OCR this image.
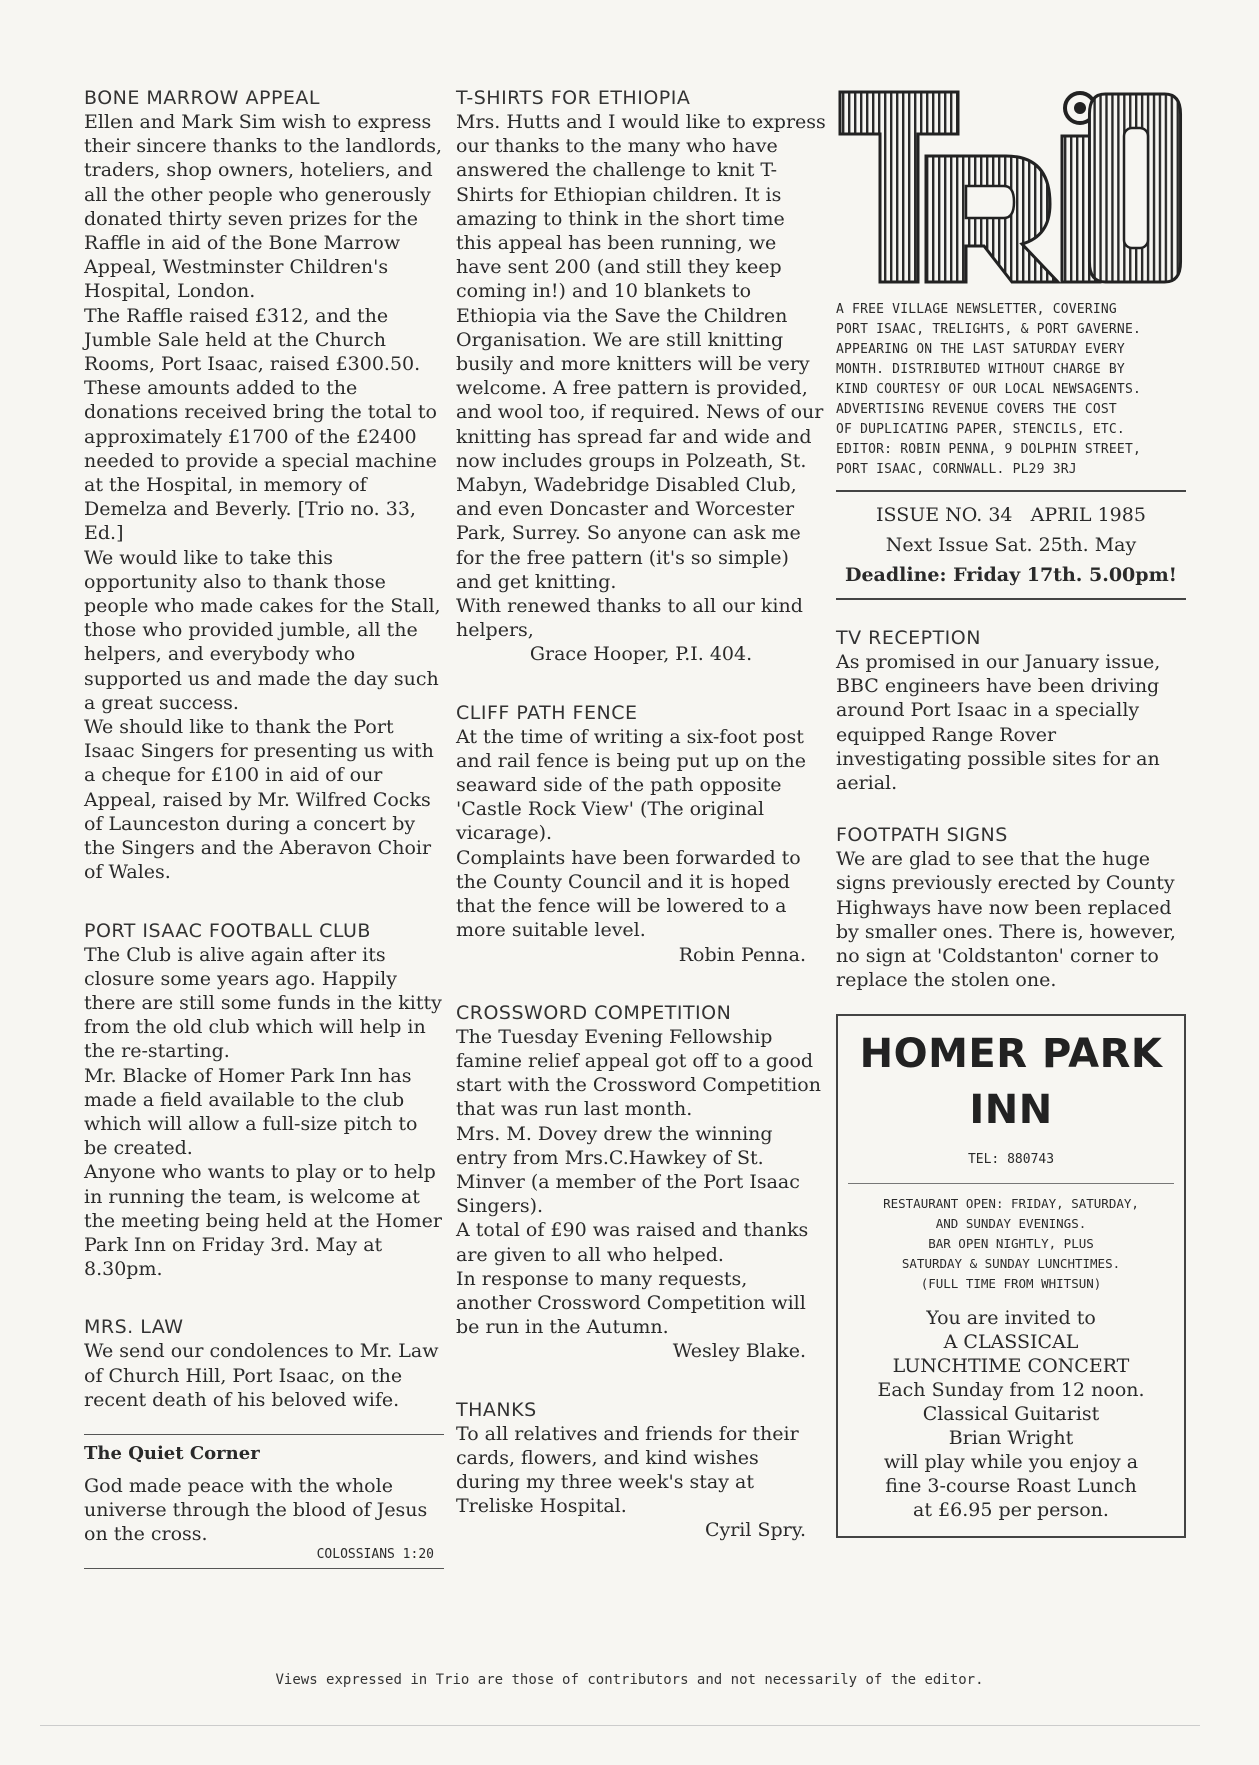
BONE MARROW APPEAL

Ellen and Mark Sim wish to express their sincere thanks to the landlords, traders, shop owners, hoteliers, and all the other people who generously donated thirty seven prizes for the Raffle in aid of the Bone Marrow Appeal, Westminster Children's Hospital, London.

The Raffle raised £312, and the Jumble Sale held at the Church Rooms, Port Isaac, raised £300.50. These amounts added to the donations received bring the total to approximately £1700 of the £2400 needed to provide a special machine at the Hospital, in memory of Demelza and Beverly. [Trio no. 33, Ed.]

We would like to take this opportunity also to thank those people who made cakes for the Stall, those who provided jumble, all the helpers, and everybody who supported us and made the day such a great success.

We should like to thank the Port Isaac Singers for presenting us with a cheque for £100 in aid of our Appeal, raised by Mr. Wilfred Cocks of Launceston during a concert by the Singers and the Aberavon Choir of Wales.

PORT ISAAC FOOTBALL CLUB

The Club is alive again after its closure some years ago. Happily there are still some funds in the kitty from the old club which will help in the re-starting.

Mr. Blacke of Homer Park Inn has made a field available to the club which will allow a full-size pitch to be created.

Anyone who wants to play or to help in running the team, is welcome at the meeting being held at the Homer Park Inn on Friday 3rd. May at 8.30pm.

MRS. LAW

We send our condolences to Mr. Law of Church Hill, Port Isaac, on the recent death of his beloved wife.

The Quiet Corner
God made peace with the whole universe through the blood of Jesus on the cross.
COLOSSIANS 1:20
T-SHIRTS FOR ETHIOPIA

Mrs. Hutts and I would like to express our thanks to the many who have answered the challenge to knit T-Shirts for Ethiopian children. It is amazing to think in the short time this appeal has been running, we have sent 200 (and still they keep coming in!) and 10 blankets to Ethiopia via the Save the Children Organisation. We are still knitting busily and more knitters will be very welcome. A free pattern is provided, and wool too, if required. News of our knitting has spread far and wide and now includes groups in Polzeath, St. Mabyn, Wadebridge Disabled Club, and even Doncaster and Worcester Park, Surrey. So anyone can ask me for the free pattern (it's so simple) and get knitting.

With renewed thanks to all our kind helpers,

Grace Hooper, P.I. 404.

CLIFF PATH FENCE

At the time of writing a six-foot post and rail fence is being put up on the seaward side of the path opposite 'Castle Rock View' (The original vicarage).

Complaints have been forwarded to the County Council and it is hoped that the fence will be lowered to a more suitable level.

Robin Penna.

CROSSWORD COMPETITION

The Tuesday Evening Fellowship famine relief appeal got off to a good start with the Crossword Competition that was run last month.

Mrs. M. Dovey drew the winning entry from Mrs.C.Hawkey of St. Minver (a member of the Port Isaac Singers).

A total of £90 was raised and thanks are given to all who helped.

In response to many requests, another Crossword Competition will be run in the Autumn.

Wesley Blake.

THANKS

To all relatives and friends for their cards, flowers, and kind wishes during my three week's stay at Treliske Hospital.

Cyril Spry.

A FREE VILLAGE NEWSLETTER, COVERING
PORT ISAAC, TRELIGHTS, & PORT GAVERNE.
APPEARING ON THE LAST SATURDAY EVERY
MONTH. DISTRIBUTED WITHOUT CHARGE BY
KIND COURTESY OF OUR LOCAL NEWSAGENTS.
ADVERTISING REVENUE COVERS THE COST
OF DUPLICATING PAPER, STENCILS, ETC.
EDITOR: ROBIN PENNA, 9 DOLPHIN STREET,
PORT ISAAC, CORNWALL. PL29 3RJ
ISSUE NO. 34   APRIL 1985
Next Issue Sat. 25th. May
Deadline: Friday 17th. 5.00pm!
TV RECEPTION

As promised in our January issue, BBC engineers have been driving around Port Isaac in a specially equipped Range Rover investigating possible sites for an aerial.

FOOTPATH SIGNS

We are glad to see that the huge signs previously erected by County Highways have now been replaced by smaller ones. There is, however, no sign at 'Coldstanton' corner to replace the stolen one.

HOMER PARK
INN
TEL: 880743
RESTAURANT OPEN: FRIDAY, SATURDAY,
AND SUNDAY EVENINGS.
BAR OPEN NIGHTLY, PLUS
SATURDAY & SUNDAY LUNCHTIMES.
(FULL TIME FROM WHITSUN)
You are invited to
A CLASSICAL
LUNCHTIME CONCERT
Each Sunday from 12 noon.
Classical Guitarist
Brian Wright
will play while you enjoy a
fine 3-course Roast Lunch
at £6.95 per person.
Views expressed in Trio are those of contributors and not necessarily of the editor.
